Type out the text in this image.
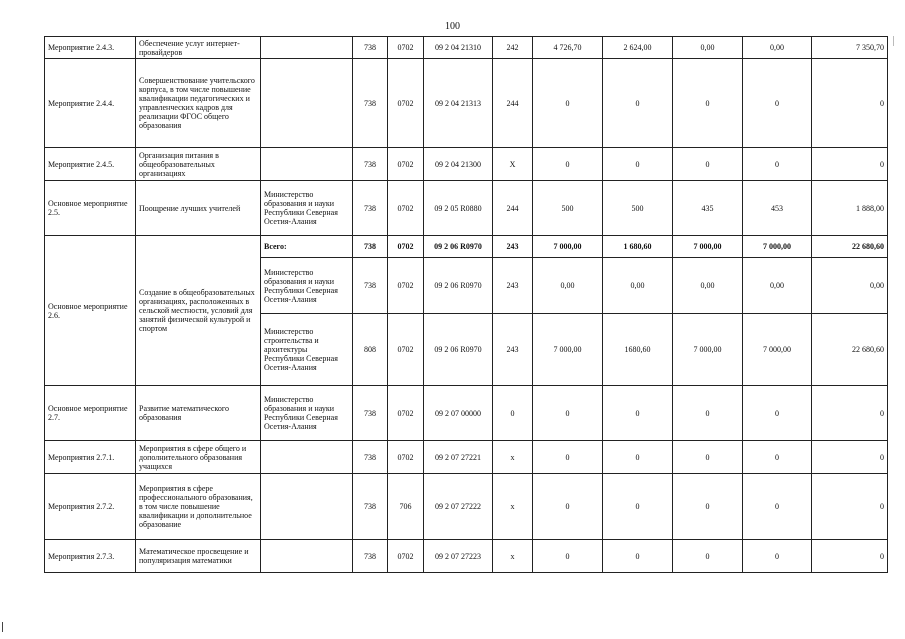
100
Мероприятие 2.4.3.	Обеспечение услуг интернет-провайдеров		738	0702	09 2 04 21310	242	4 726,70	2 624,00	0,00	0,00	7 350,70
Мероприятие 2.4.4.	Совершенствование учительского корпуса, в том числе повышение квалификации педагогических и управленческих кадров для реализации ФГОС общего образования		738	0702	09 2 04 21313	244	0	0	0	0	0
Мероприятие 2.4.5.	Организация питания в общеобразовательных организациях		738	0702	09 2 04 21300	X	0	0	0	0	0
Основное мероприятие 2.5.	Поощрение лучших учителей	Министерство образования и науки Республики Северная Осетия-Алания	738	0702	09 2 05 R0880	244	500	500	435	453	1 888,00
Основное мероприятие 2.6.	Создание в общеобразовательных организациях, расположенных в сельской местности, условий для занятий физической культурой и спортом	Всего:	738	0702	09 2 06 R0970	243	7 000,00	1 680,60	7 000,00	7 000,00	22 680,60
		Министерство образования и науки Республики Северная Осетия-Алания	738	0702	09 2 06 R0970	243	0,00	0,00	0,00	0,00	0,00
		Министерство строительства и архитектуры Республики Северная Осетия-Алания	808	0702	09 2 06 R0970	243	7 000,00	1680,60	7 000,00	7 000,00	22 680,60
Основное мероприятие 2.7.	Развитие математического образования	Министерство образования и науки Республики Северная Осетия-Алания	738	0702	09 2 07 00000	0	0	0	0	0	0
Мероприятия 2.7.1.	Мероприятия в сфере общего и дополнительного образования учащихся		738	0702	09 2 07 27221	х	0	0	0	0	0
Мероприятия 2.7.2.	Мероприятия в сфере профессионального образования, в том числе повышение квалификации и дополнительное образование		738	706	09 2 07 27222	х	0	0	0	0	0
Мероприятия 2.7.3.	Математическое просвещение и популяризация математики		738	0702	09 2 07 27223	х	0	0	0	0	0
